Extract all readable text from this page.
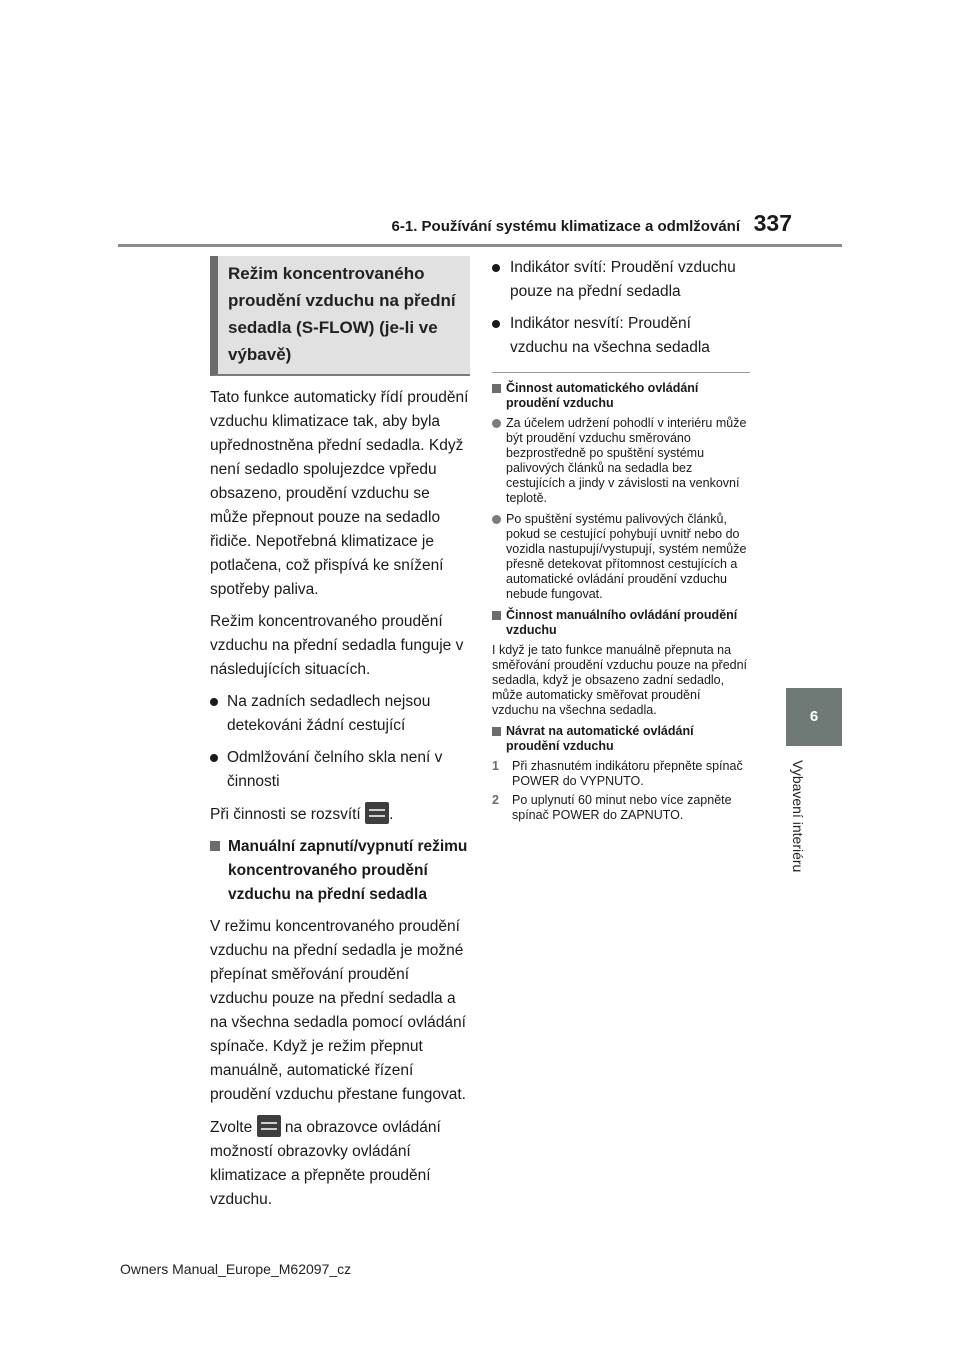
6-1. Používání systému klimatizace a odmlžování 337
6
Vybavení interiéru
Režim koncentrovaného proudění vzduchu na přední sedadla (S-FLOW) (je-li ve výbavě)

Tato funkce automaticky řídí proudění vzduchu klimatizace tak, aby byla upřednostněna přední sedadla. Když není sedadlo spolujezdce vpředu obsazeno, proudění vzduchu se může přepnout pouze na sedadlo řidiče. Nepotřebná klimatizace je potlačena, což přispívá ke snížení spotřeby paliva.

Režim koncentrovaného proudění vzduchu na přední sedadla funguje v následujících situacích.

Na zadních sedadlech nejsou detekováni žádní cestující
Odmlžování čelního skla není v činnosti

Při činnosti se rozsvítí .

Manuální zapnutí/vypnutí režimu koncentrovaného proudění vzduchu na přední sedadla

V režimu koncentrovaného proudění vzduchu na přední sedadla je možné přepínat směřování proudění vzduchu pouze na přední sedadla a na všechna sedadla pomocí ovládání spínače. Když je režim přepnut manuálně, automatické řízení proudění vzduchu přestane fungovat.

Zvolte na obrazovce ovládání možností obrazovky ovládání klimatizace a přepněte proudění vzduchu.

Indikátor svítí: Proudění vzduchu pouze na přední sedadla
Indikátor nesvítí: Proudění vzduchu na všechna sedadla
Činnost automatického ovládání proudění vzduchu
Za účelem udržení pohodlí v interiéru může být proudění vzduchu směrováno bezprostředně po spuštění systému palivových článků na sedadla bez cestujících a jindy v závislosti na venkovní teplotě.
Po spuštění systému palivových článků, pokud se cestující pohybují uvnitř nebo do vozidla nastupují/vystupují, systém nemůže přesně detekovat přítomnost cestujících a automatické ovládání proudění vzduchu nebude fungovat.
Činnost manuálního ovládání proudění vzduchu

I když je tato funkce manuálně přepnuta na směřování proudění vzduchu pouze na přední sedadla, když je obsazeno zadní sedadlo, může automaticky směřovat proudění vzduchu na všechna sedadla.

Návrat na automatické ovládání proudění vzduchu
1 Při zhasnutém indikátoru přepněte spínač POWER do VYPNUTO.
2 Po uplynutí 60 minut nebo více zapněte spínač POWER do ZAPNUTO.
Owners Manual_Europe_M62097_cz
